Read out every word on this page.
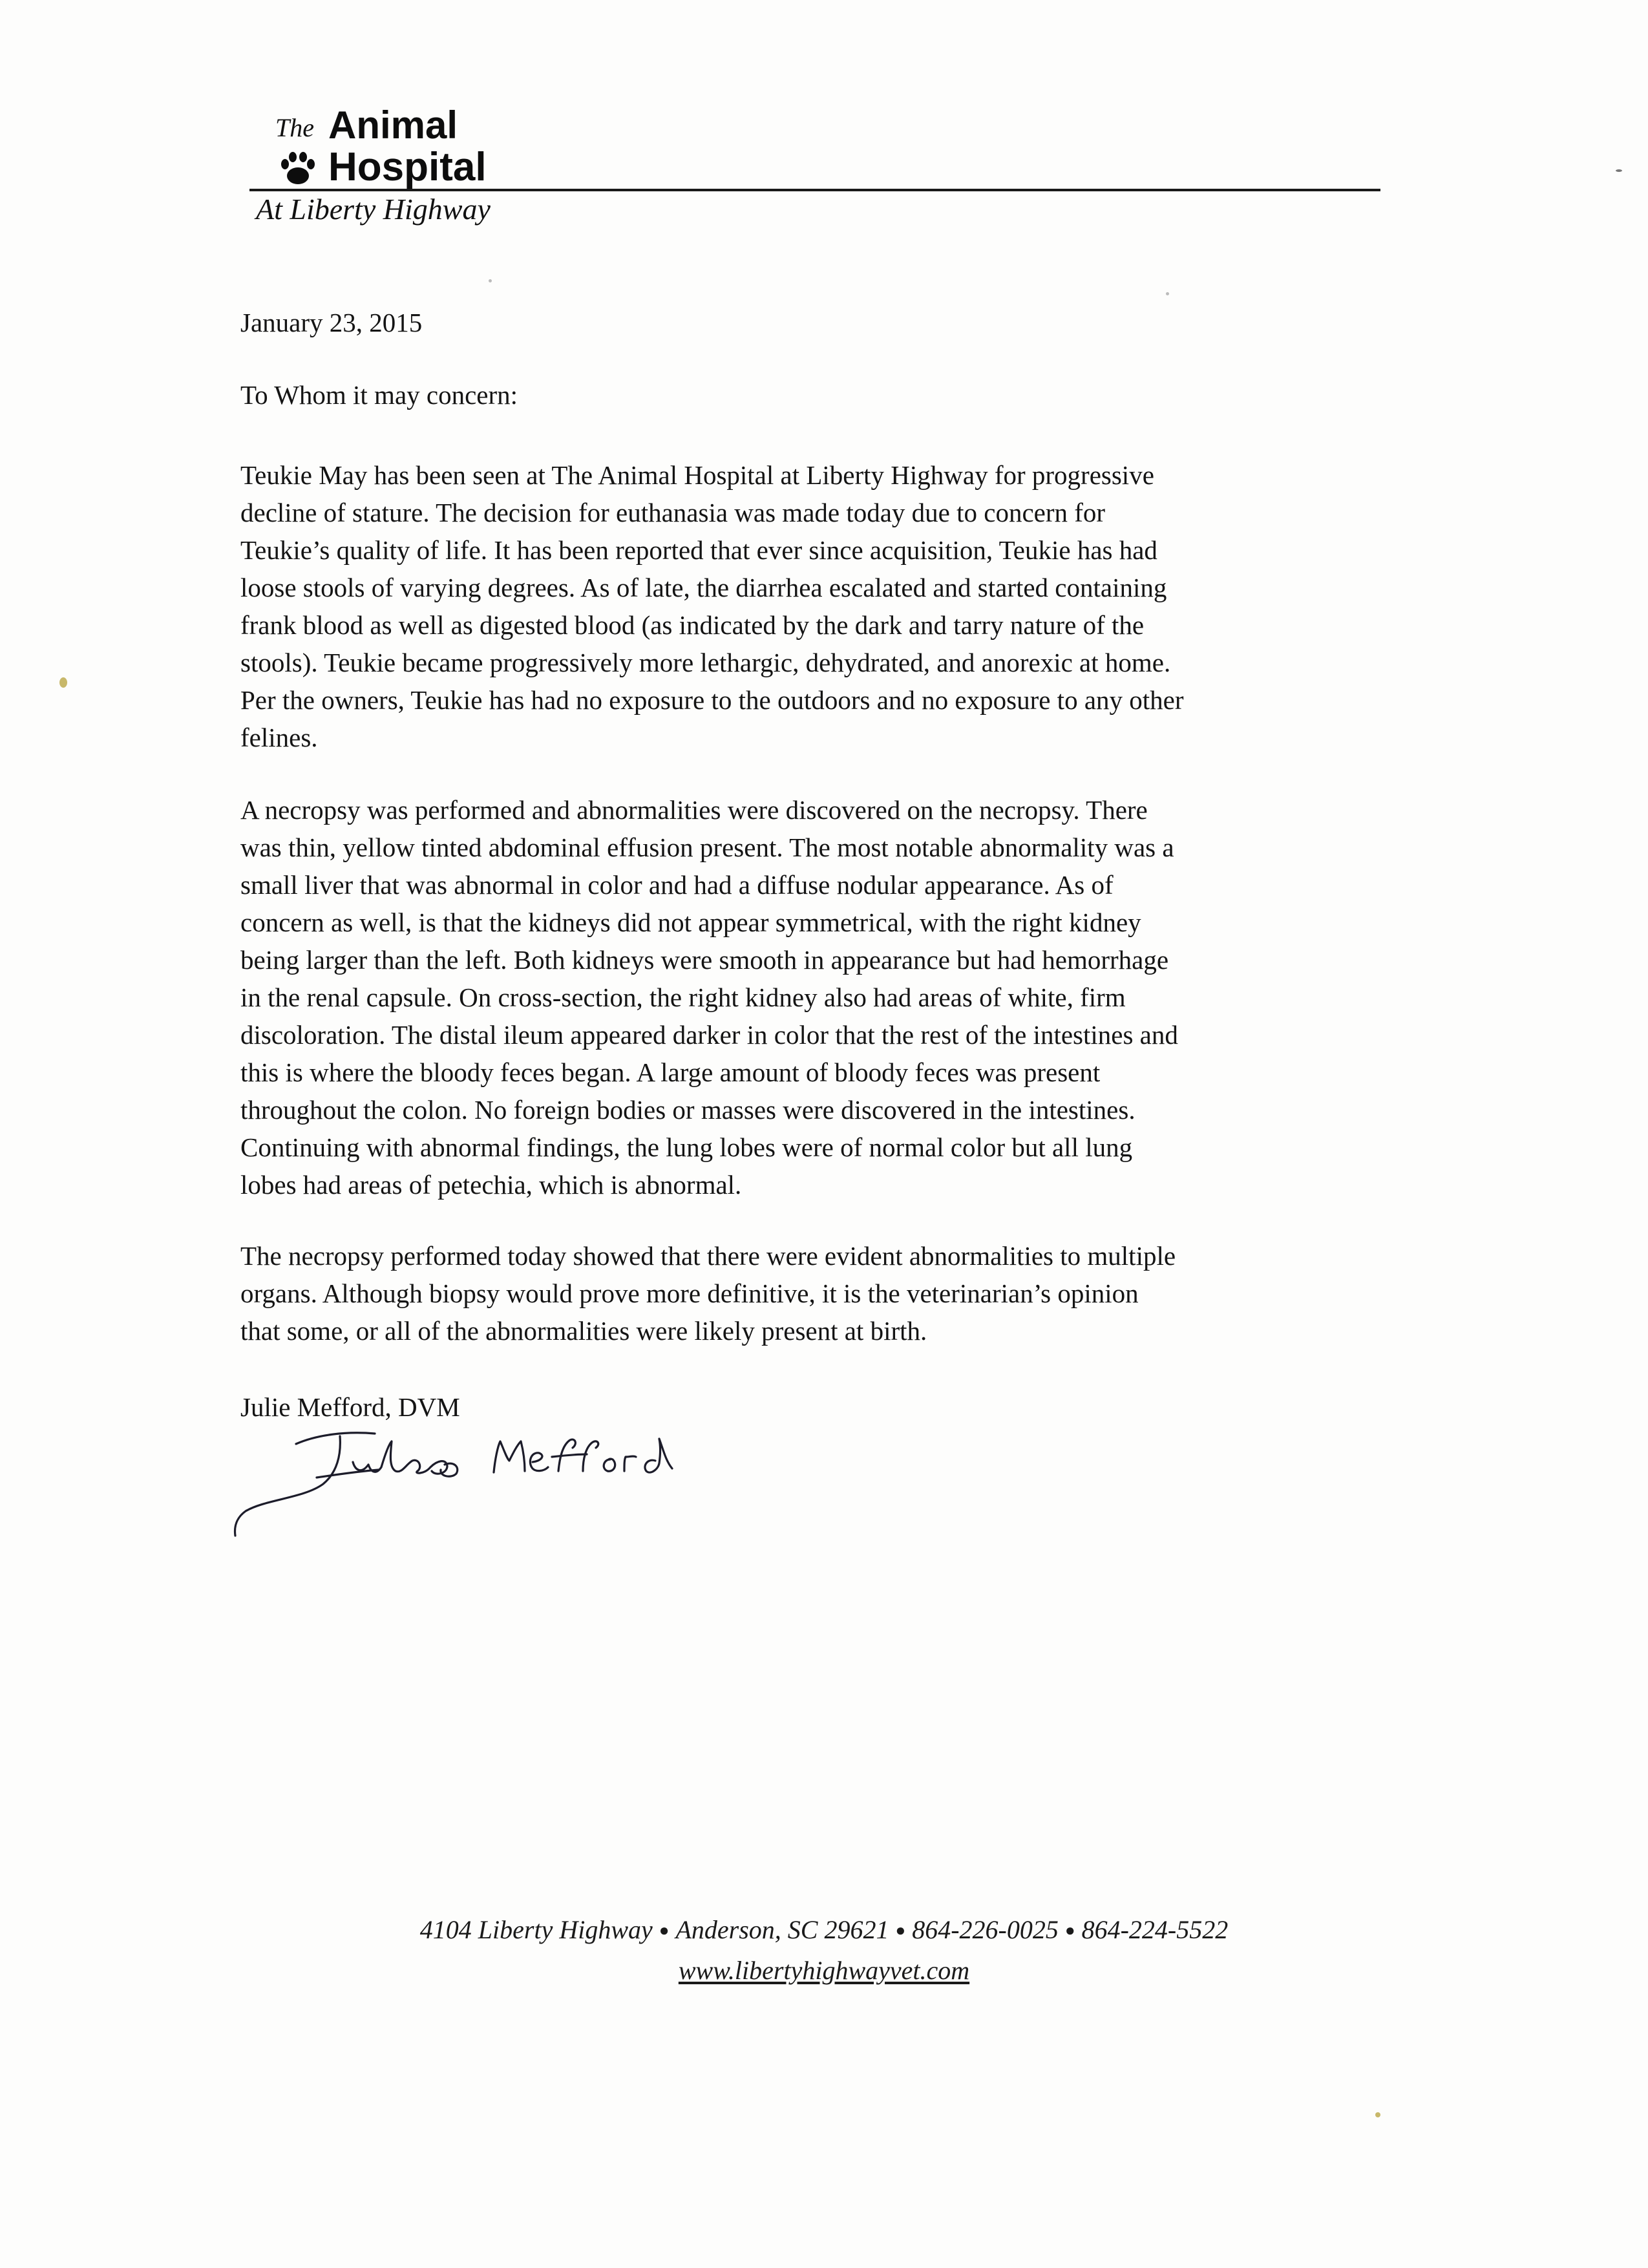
The Animal
Hospital
At Liberty Highway
January 23, 2015
To Whom it may concern:
Teukie May has been seen at The Animal Hospital at Liberty Highway for progressive
decline of stature. The decision for euthanasia was made today due to concern for
Teukie’s quality of life. It has been reported that ever since acquisition, Teukie has had
loose stools of varying degrees. As of late, the diarrhea escalated and started containing
frank blood as well as digested blood (as indicated by the dark and tarry nature of the
stools). Teukie became progressively more lethargic, dehydrated, and anorexic at home.
Per the owners, Teukie has had no exposure to the outdoors and no exposure to any other
felines.
A necropsy was performed and abnormalities were discovered on the necropsy. There
was thin, yellow tinted abdominal effusion present. The most notable abnormality was a
small liver that was abnormal in color and had a diffuse nodular appearance. As of
concern as well, is that the kidneys did not appear symmetrical, with the right kidney
being larger than the left. Both kidneys were smooth in appearance but had hemorrhage
in the renal capsule. On cross-section, the right kidney also had areas of white, firm
discoloration. The distal ileum appeared darker in color that the rest of the intestines and
this is where the bloody feces began. A large amount of bloody feces was present
throughout the colon. No foreign bodies or masses were discovered in the intestines.
Continuing with abnormal findings, the lung lobes were of normal color but all lung
lobes had areas of petechia, which is abnormal.
The necropsy performed today showed that there were evident abnormalities to multiple
organs. Although biopsy would prove more definitive, it is the veterinarian’s opinion
that some, or all of the abnormalities were likely present at birth.
Julie Mefford, DVM
4104 Liberty Highway ● Anderson, SC 29621 ● 864-226-0025 ● 864-224-5522
www.libertyhighwayvet.com
